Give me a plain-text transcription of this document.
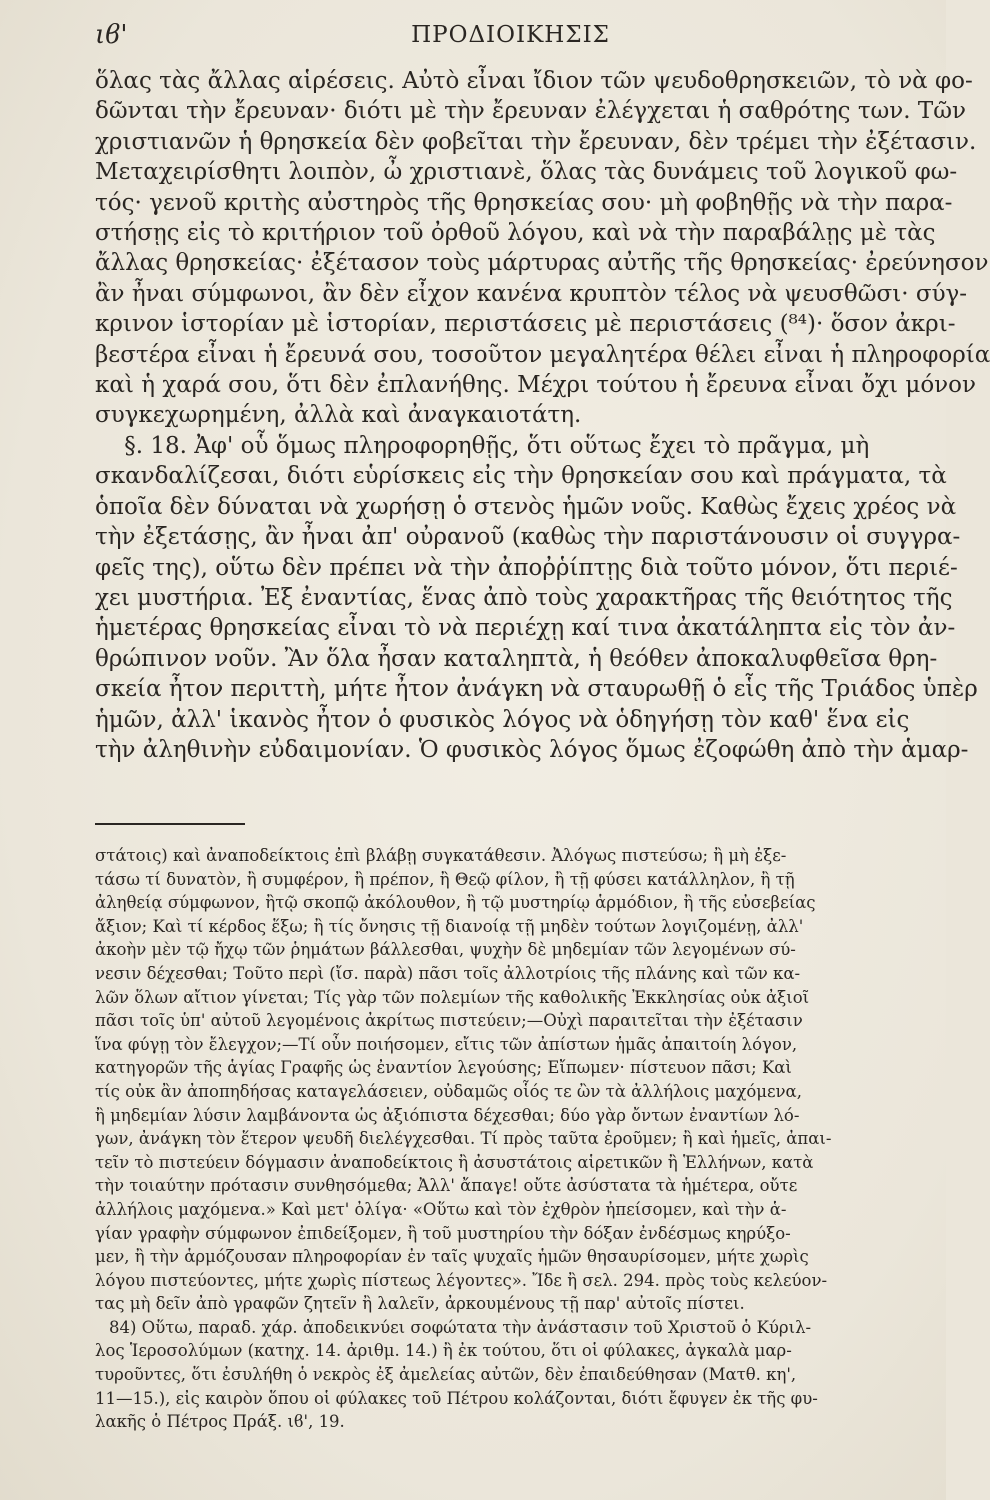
ιϐ'	ΠΡΟΔΙΟΙΚΗΣΙΣ
ὅλας τὰς ἄλλας αἱρέσεις. Αὐτὸ εἶναι ἴδιον τῶν ψευδοθρησκειῶν, τὸ νὰ φο-
δῶνται τὴν ἔρευναν· διότι μὲ τὴν ἔρευναν ἐλέγχεται ἡ σαθρότης των. Τῶν
χριστιανῶν ἡ θρησκεία δὲν φοβεῖται τὴν ἔρευναν, δὲν τρέμει τὴν ἐξέτασιν.
Μεταχειρίσθητι λοιπὸν, ὦ χριστιανὲ, ὅλας τὰς δυνάμεις τοῦ λογικοῦ φω-
τός· γενοῦ κριτὴς αὐστηρὸς τῆς θρησκείας σου· μὴ φοβηθῇς νὰ τὴν παρα-
στήσῃς εἰς τὸ κριτήριον τοῦ ὀρθοῦ λόγου, καὶ νὰ τὴν παραβάλῃς μὲ τὰς
ἄλλας θρησκείας· ἐξέτασον τοὺς μάρτυρας αὐτῆς τῆς θρησκείας· ἐρεύνησον
ἂν ἦναι σύμφωνοι, ἂν δὲν εἶχον κανένα κρυπτὸν τέλος νὰ ψευσθῶσι· σύγ-
κρινον ἱστορίαν μὲ ἱστορίαν, περιστάσεις μὲ περιστάσεις (⁸⁴)· ὅσον ἀκρι-
βεστέρα εἶναι ἡ ἔρευνά σου, τοσοῦτον μεγαλητέρα θέλει εἶναι ἡ πληροφορία
καὶ ἡ χαρά σου, ὅτι δὲν ἐπλανήθης. Μέχρι τούτου ἡ ἔρευνα εἶναι ὄχι μόνον
συγκεχωρημένη, ἀλλὰ καὶ ἀναγκαιοτάτη.
§. 18. Ἀφ' οὗ ὅμως πληροφορηθῇς, ὅτι οὕτως ἔχει τὸ πρᾶγμα, μὴ
σκανδαλίζεσαι, διότι εὑρίσκεις εἰς τὴν θρησκείαν σου καὶ πράγματα, τὰ
ὁποῖα δὲν δύναται νὰ χωρήσῃ ὁ στενὸς ἡμῶν νοῦς. Καθὼς ἔχεις χρέος νὰ
τὴν ἐξετάσῃς, ἂν ἦναι ἀπ' οὐρανοῦ (καθὼς τὴν παριστάνουσιν οἱ συγγρα-
φεῖς της), οὕτω δὲν πρέπει νὰ τὴν ἀποῤῥίπτῃς διὰ τοῦτο μόνον, ὅτι περιέ-
χει μυστήρια. Ἐξ ἐναντίας, ἕνας ἀπὸ τοὺς χαρακτῆρας τῆς θειότητος τῆς
ἡμετέρας θρησκείας εἶναι τὸ νὰ περιέχῃ καί τινα ἀκατάληπτα εἰς τὸν ἀν-
θρώπινον νοῦν. Ἂν ὅλα ἦσαν καταληπτὰ, ἡ θεόθεν ἀποκαλυφθεῖσα θρη-
σκεία ἦτον περιττὴ, μήτε ἦτον ἀνάγκη νὰ σταυρωθῇ ὁ εἷς τῆς Τριάδος ὑπὲρ
ἡμῶν, ἀλλ' ἱκανὸς ἦτον ὁ φυσικὸς λόγος νὰ ὁδηγήσῃ τὸν καθ' ἕνα εἰς
τὴν ἀληθινὴν εὐδαιμονίαν. Ὁ φυσικὸς λόγος ὅμως ἐζοφώθη ἀπὸ τὴν ἁμαρ-
στάτοις) καὶ ἀναποδείκτοις ἐπὶ βλάβῃ συγκατάθεσιν. Ἀλόγως πιστεύσω; ἢ μὴ ἐξε-
τάσω τί δυνατὸν, ἢ συμφέρον, ἢ πρέπον, ἢ Θεῷ φίλον, ἢ τῇ φύσει κατάλληλον, ἢ τῇ
ἀληθείᾳ σύμφωνον, ἢτῷ σκοπῷ ἀκόλουθον, ἢ τῷ μυστηρίῳ ἁρμόδιον, ἢ τῆς εὐσεβείας
ἄξιον; Καὶ τί κέρδος ἕξω; ἢ τίς ὄνησις τῇ διανοίᾳ τῇ μηδὲν τούτων λογιζομένῃ, ἀλλ'
ἀκοὴν μὲν τῷ ἤχῳ τῶν ῥημάτων βάλλεσθαι, ψυχὴν δὲ μηδεμίαν τῶν λεγομένων σύ-
νεσιν δέχεσθαι; Τοῦτο περὶ (ἴσ. παρὰ) πᾶσι τοῖς ἀλλοτρίοις τῆς πλάνης καὶ τῶν κα-
λῶν ὅλων αἴτιον γίνεται; Τίς γὰρ τῶν πολεμίων τῆς καθολικῆς Ἐκκλησίας οὐκ ἀξιοῖ
πᾶσι τοῖς ὑπ' αὐτοῦ λεγομένοις ἀκρίτως πιστεύειν;—Οὐχὶ παραιτεῖται τὴν ἐξέτασιν
ἵνα φύγῃ τὸν ἔλεγχον;—Τί οὖν ποιήσομεν, εἴτις τῶν ἀπίστων ἡμᾶς ἀπαιτοίη λόγον,
κατηγορῶν τῆς ἁγίας Γραφῆς ὡς ἐναντίον λεγούσης; Εἴπωμεν· πίστευον πᾶσι; Καὶ
τίς οὐκ ἂν ἀποπηδήσας καταγελάσειεν, οὐδαμῶς οἷός τε ὢν τὰ ἀλλήλοις μαχόμενα,
ἢ μηδεμίαν λύσιν λαμβάνοντα ὡς ἀξιόπιστα δέχεσθαι; δύο γὰρ ὄντων ἐναντίων λό-
γων, ἀνάγκη τὸν ἕτερον ψευδῆ διελέγχεσθαι. Τί πρὸς ταῦτα ἐροῦμεν; ἢ καὶ ἡμεῖς, ἀπαι-
τεῖν τὸ πιστεύειν δόγμασιν ἀναποδείκτοις ἢ ἀσυστάτοις αἱρετικῶν ἢ Ἑλλήνων, κατὰ
τὴν τοιαύτην πρότασιν συνθησόμεθα; Ἀλλ' ἄπαγε! οὔτε ἀσύστατα τὰ ἡμέτερα, οὔτε
ἀλλήλοις μαχόμενα.» Καὶ μετ' ὀλίγα· «Οὕτω καὶ τὸν ἐχθρὸν ἠπείσομεν, καὶ τὴν ἁ-
γίαν γραφὴν σύμφωνον ἐπιδείξομεν, ἢ τοῦ μυστηρίου τὴν δόξαν ἐνδέσμως κηρύξο-
μεν, ἢ τὴν ἁρμόζουσαν πληροφορίαν ἐν ταῖς ψυχαῖς ἡμῶν θησαυρίσομεν, μήτε χωρὶς
λόγου πιστεύοντες, μήτε χωρὶς πίστεως λέγοντες». Ἴδε ἢ σελ. 294. πρὸς τοὺς κελεύον-
τας μὴ δεῖν ἀπὸ γραφῶν ζητεῖν ἢ λαλεῖν, ἀρκουμένους τῇ παρ' αὐτοῖς πίστει.
84) Οὕτω, παραδ. χάρ. ἀποδεικνύει σοφώτατα τὴν ἀνάστασιν τοῦ Χριστοῦ ὁ Κύριλ-
λος Ἱεροσολύμων (κατηχ. 14. ἀριθμ. 14.) ἢ ἐκ τούτου, ὅτι οἱ φύλακες, ἀγκαλὰ μαρ-
τυροῦντες, ὅτι ἐσυλήθη ὁ νεκρὸς ἐξ ἀμελείας αὐτῶν, δὲν ἐπαιδεύθησαν (Ματθ. κη',
11—15.), εἰς καιρὸν ὅπου οἱ φύλακες τοῦ Πέτρου κολάζονται, διότι ἔφυγεν ἐκ τῆς φυ-
λακῆς ὁ Πέτρος Πράξ. ιϐ', 19.
